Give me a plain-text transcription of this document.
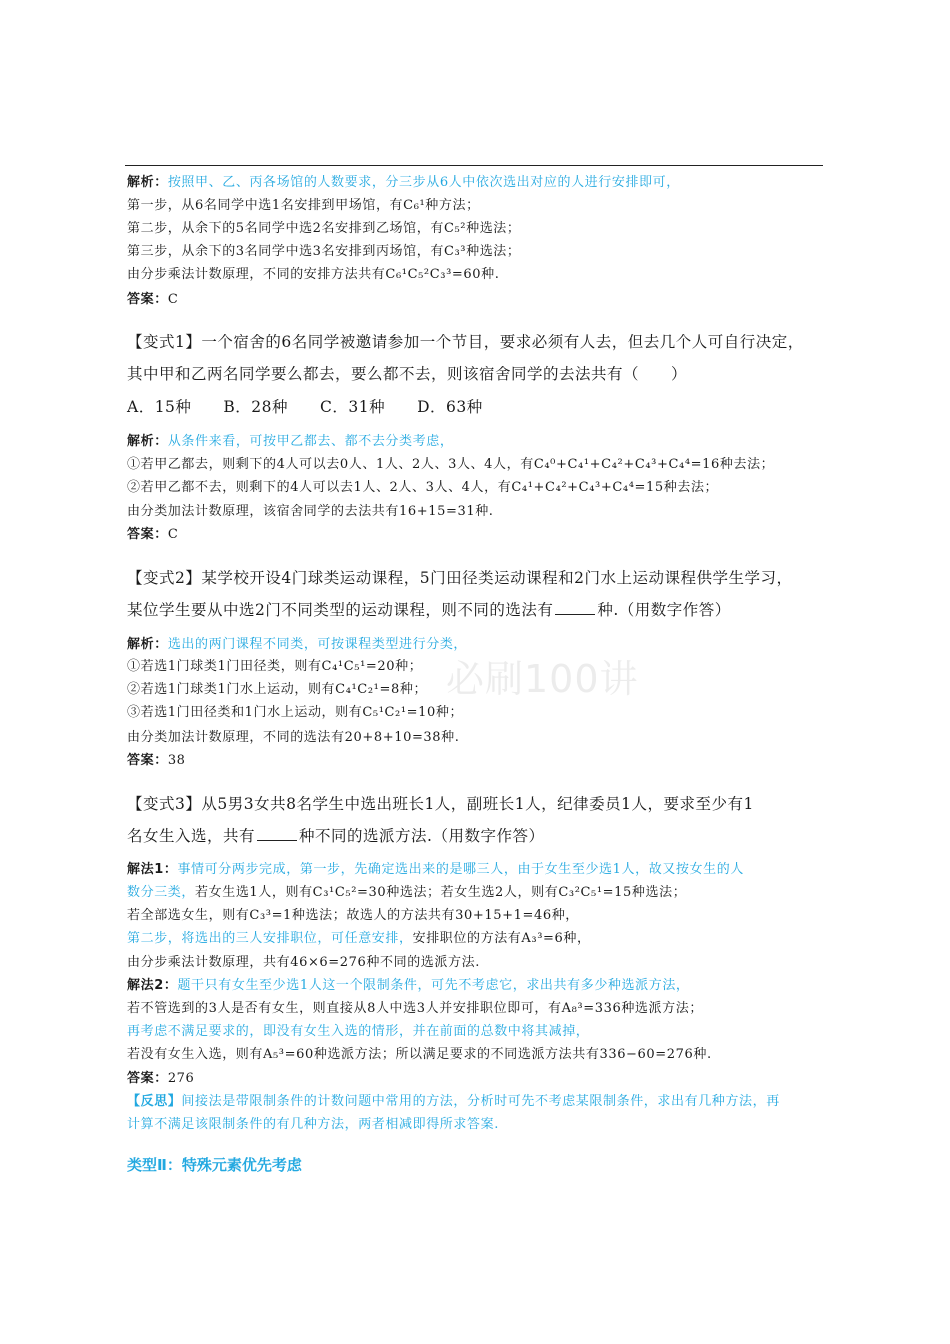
解析：按照甲、乙、丙各场馆的人数要求，分三步从6人中依次选出对应的人进行安排即可，
第一步，从6名同学中选1名安排到甲场馆，有C₆¹种方法；
第二步，从余下的5名同学中选2名安排到乙场馆，有C₅²种选法；
第三步，从余下的3名同学中选3名安排到丙场馆，有C₃³种选法；
由分步乘法计数原理，不同的安排方法共有C₆¹C₅²C₃³=60种.
答案：C
【变式1】一个宿舍的6名同学被邀请参加一个节目，要求必须有人去，但去几个人可自行决定，
其中甲和乙两名同学要么都去，要么都不去，则该宿舍同学的去法共有（　　）
A．15种　　B．28种　　C．31种　　D．63种
解析：从条件来看，可按甲乙都去、都不去分类考虑，
①若甲乙都去，则剩下的4人可以去0人、1人、2人、3人、4人，有C₄⁰+C₄¹+C₄²+C₄³+C₄⁴=16种去法；
②若甲乙都不去，则剩下的4人可以去1人、2人、3人、4人，有C₄¹+C₄²+C₄³+C₄⁴=15种去法；
由分类加法计数原理，该宿舍同学的去法共有16+15=31种.
答案：C
【变式2】某学校开设4门球类运动课程，5门田径类运动课程和2门水上运动课程供学生学习，
某位学生要从中选2门不同类型的运动课程，则不同的选法有	种.（用数字作答）
解析：选出的两门课程不同类，可按课程类型进行分类，
①若选1门球类1门田径类，则有C₄¹C₅¹=20种；
②若选1门球类1门水上运动，则有C₄¹C₂¹=8种；
③若选1门田径类和1门水上运动，则有C₅¹C₂¹=10种；
由分类加法计数原理，不同的选法有20+8+10=38种.
答案：38
【变式3】从5男3女共8名学生中选出班长1人，副班长1人，纪律委员1人，要求至少有1
名女生入选，共有	种不同的选派方法.（用数字作答）
解法1：事情可分两步完成，第一步，先确定选出来的是哪三人，由于女生至少选1人，故又按女生的人
数分三类，若女生选1人，则有C₃¹C₅²=30种选法；若女生选2人，则有C₃²C₅¹=15种选法；
若全部选女生，则有C₃³=1种选法；故选人的方法共有30+15+1=46种，
第二步，将选出的三人安排职位，可任意安排，安排职位的方法有A₃³=6种，
由分步乘法计数原理，共有46×6=276种不同的选派方法.
解法2：题干只有女生至少选1人这一个限制条件，可先不考虑它，求出共有多少种选派方法，
若不管选到的3人是否有女生，则直接从8人中选3人并安排职位即可，有A₈³=336种选派方法；
再考虑不满足要求的，即没有女生入选的情形，并在前面的总数中将其减掉，
若没有女生入选，则有A₅³=60种选派方法；所以满足要求的不同选派方法共有336−60=276种.
答案：276
【反思】间接法是带限制条件的计数问题中常用的方法，分析时可先不考虑某限制条件，求出有几种方法，再
计算不满足该限制条件的有几种方法，两者相减即得所求答案.
类型Ⅱ：特殊元素优先考虑
必刷100讲
